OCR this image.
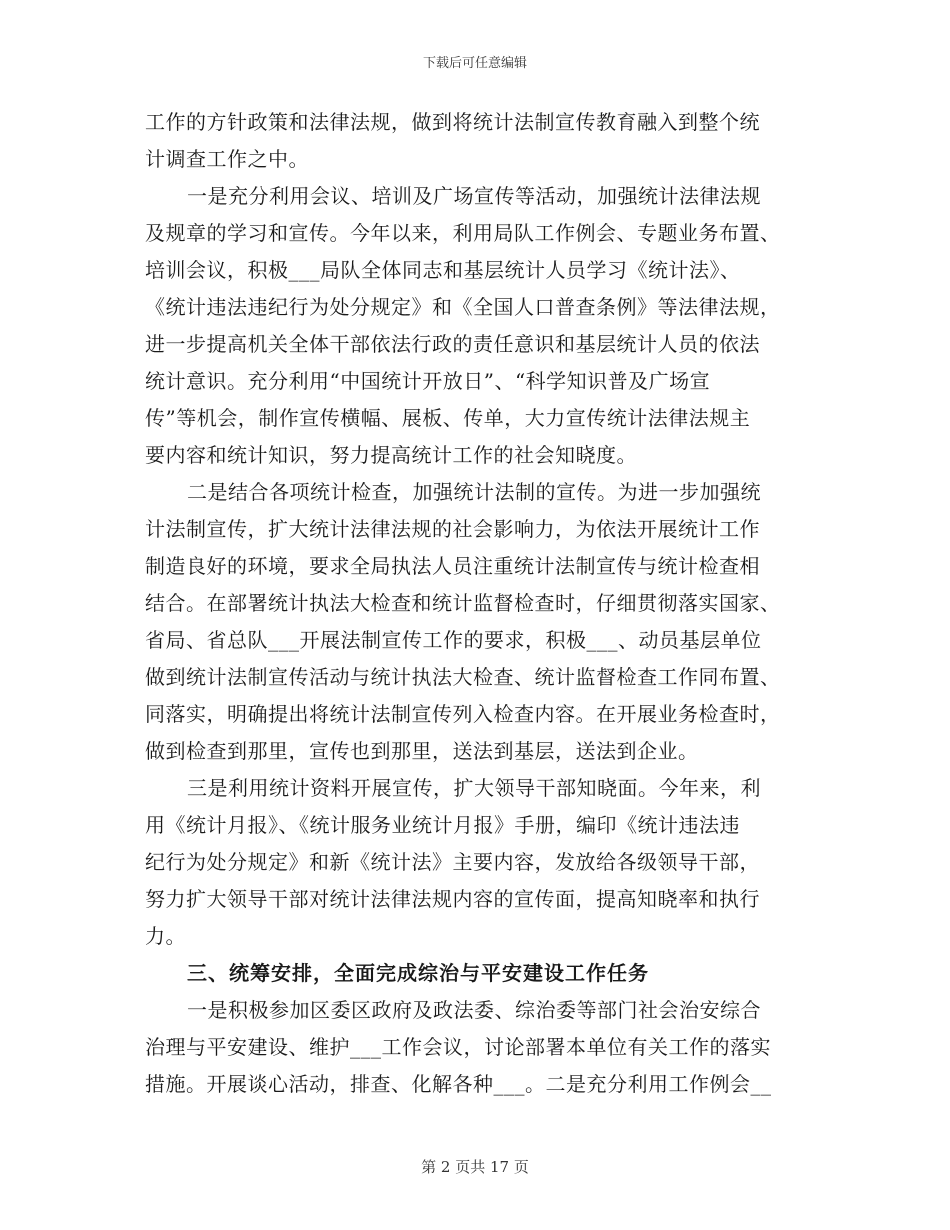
下载后可任意编辑
工作的方针政策和法律法规，做到将统计法制宣传教育融入到整个统
计调查工作之中。
一是充分利用会议、培训及广场宣传等活动，加强统计法律法规
及规章的学习和宣传。今年以来，利用局队工作例会、专题业务布置、
培训会议，积极___局队全体同志和基层统计人员学习《统计法》、
《统计违法违纪行为处分规定》和《全国人口普查条例》等法律法规，
进一步提高机关全体干部依法行政的责任意识和基层统计人员的依法
统计意识。充分利用“中国统计开放日”、“科学知识普及广场宣
传”等机会，制作宣传横幅、展板、传单，大力宣传统计法律法规主
要内容和统计知识，努力提高统计工作的社会知晓度。
二是结合各项统计检查，加强统计法制的宣传。为进一步加强统
计法制宣传，扩大统计法律法规的社会影响力，为依法开展统计工作
制造良好的环境，要求全局执法人员注重统计法制宣传与统计检查相
结合。在部署统计执法大检查和统计监督检查时，仔细贯彻落实国家、
省局、省总队___开展法制宣传工作的要求，积极___、动员基层单位
做到统计法制宣传活动与统计执法大检查、统计监督检查工作同布置、
同落实，明确提出将统计法制宣传列入检查内容。在开展业务检查时，
做到检查到那里，宣传也到那里，送法到基层，送法到企业。
三是利用统计资料开展宣传，扩大领导干部知晓面。今年来，利
用《统计月报》、《统计服务业统计月报》手册，编印《统计违法违
纪行为处分规定》和新《统计法》主要内容，发放给各级领导干部，
努力扩大领导干部对统计法律法规内容的宣传面，提高知晓率和执行
力。
三、统筹安排，全面完成综治与平安建设工作任务
一是积极参加区委区政府及政法委、综治委等部门社会治安综合
治理与平安建设、维护___工作会议，讨论部署本单位有关工作的落实
措施。开展谈心活动，排查、化解各种___。二是充分利用工作例会__
第 2 页共 17 页
